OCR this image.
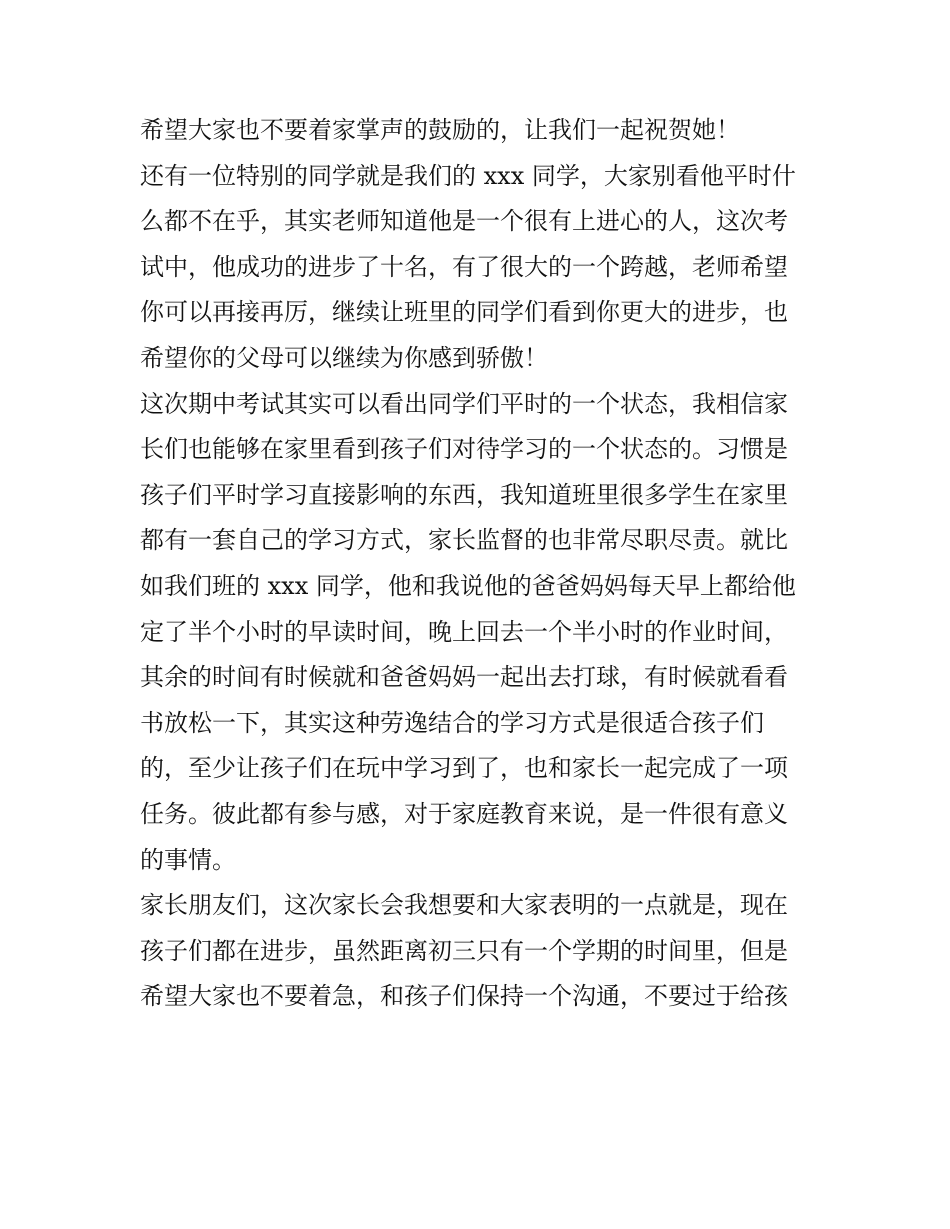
希望大家也不要着家掌声的鼓励的，让我们一起祝贺她！
还有一位特别的同学就是我们的 xxx 同学，大家别看他平时什
么都不在乎，其实老师知道他是一个很有上进心的人，这次考
试中，他成功的进步了十名，有了很大的一个跨越，老师希望
你可以再接再厉，继续让班里的同学们看到你更大的进步，也
希望你的父母可以继续为你感到骄傲！
这次期中考试其实可以看出同学们平时的一个状态，我相信家
长们也能够在家里看到孩子们对待学习的一个状态的。习惯是
孩子们平时学习直接影响的东西，我知道班里很多学生在家里
都有一套自己的学习方式，家长监督的也非常尽职尽责。就比
如我们班的 xxx 同学，他和我说他的爸爸妈妈每天早上都给他
定了半个小时的早读时间，晚上回去一个半小时的作业时间，
其余的时间有时候就和爸爸妈妈一起出去打球，有时候就看看
书放松一下，其实这种劳逸结合的学习方式是很适合孩子们
的，至少让孩子们在玩中学习到了，也和家长一起完成了一项
任务。彼此都有参与感，对于家庭教育来说，是一件很有意义
的事情。
家长朋友们，这次家长会我想要和大家表明的一点就是，现在
孩子们都在进步，虽然距离初三只有一个学期的时间里，但是
希望大家也不要着急，和孩子们保持一个沟通，不要过于给孩
